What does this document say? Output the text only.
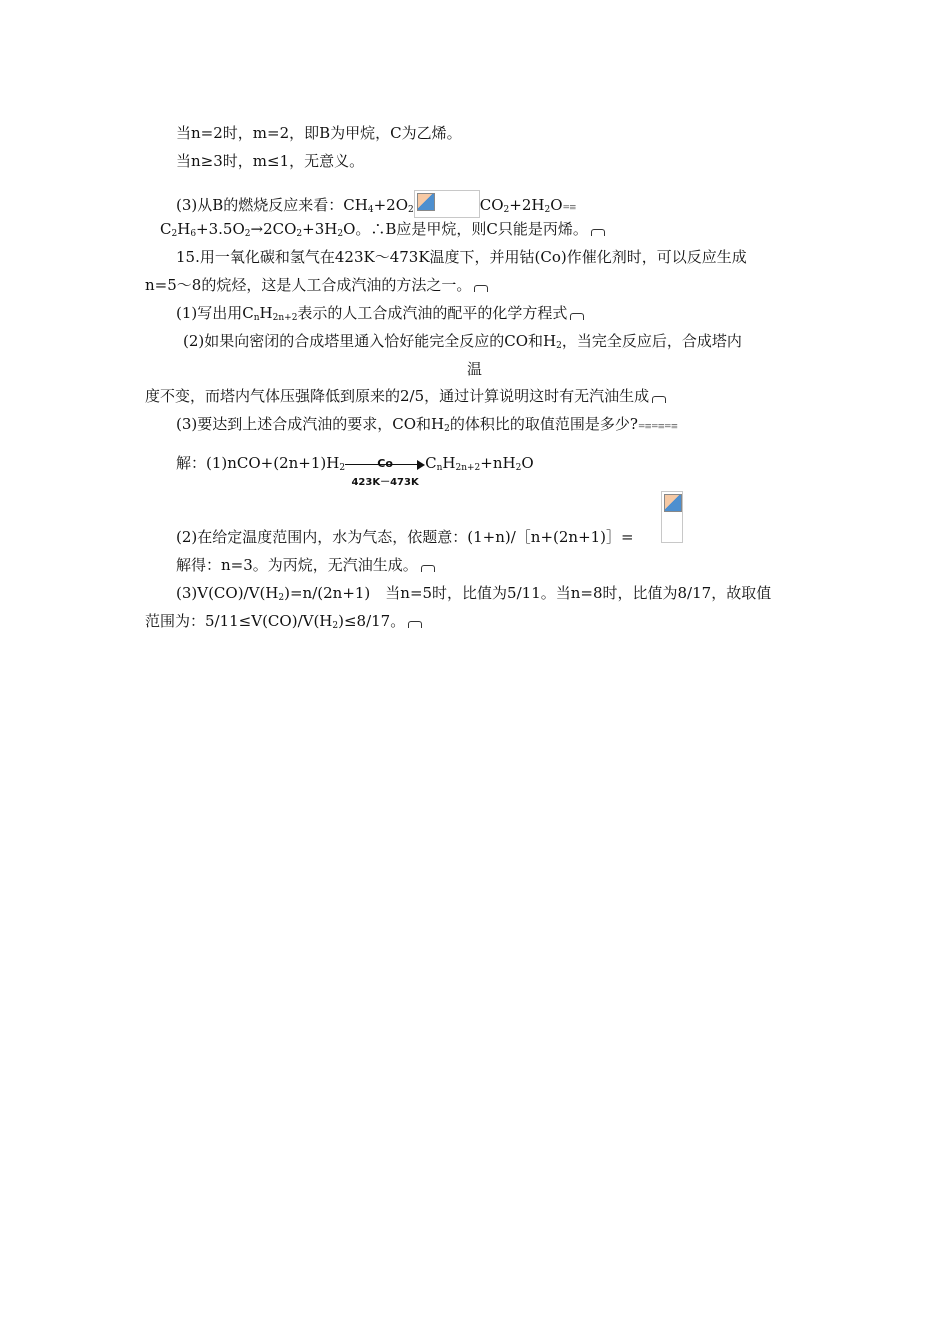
当n=2时，m=2，即B为甲烷，C为乙烯。
当n≥3时，m≤1，无意义。
(3)从B的燃烧反应来看：$CH_4+2O_2$	$CO_2+2H_2O=\equiv$
$C_2H_6+3.5O_2\to 2CO_2+3H_2O$。∴B应是甲烷，则C只能是丙烯。
15.用一氧化碳和氢气在423K～473K温度下，并用钴(Co)作催化剂时，可以反应生成
n=5～8的烷烃，这是人工合成汽油的方法之一。
(1)写出用$C_nH_{2n+2}$表示的人工合成汽油的配平的化学方程式
(2)如果向密闭的合成塔里通入恰好能完全反应的CO和$H_2$，当完全反应后，合成塔内
温
度不变，而塔内气体压强降低到原来的2/5，通过计算说明这时有无汽油生成
(3)要达到上述合成汽油的要求，CO和$H_2$的体积比的取值范围是多少?=≡=≡=≡
解：$(1)nCO+(2n+1)H_2$	Co
423K－473K
$C_nH_{2n+2}+nH_2O$
(2)在给定温度范围内，水为气态，依题意：(1+n)/［n+(2n+1)］=
解得：n=3。为丙烷，无汽油生成。
$(3)V(CO)/V(H_2)=n/(2n+1)$　当n=5时，比值为5/11。当n=8时，比值为8/17，故取值
范围为：$5/11\le V(CO)/V(H_2)\le 8/17$。
